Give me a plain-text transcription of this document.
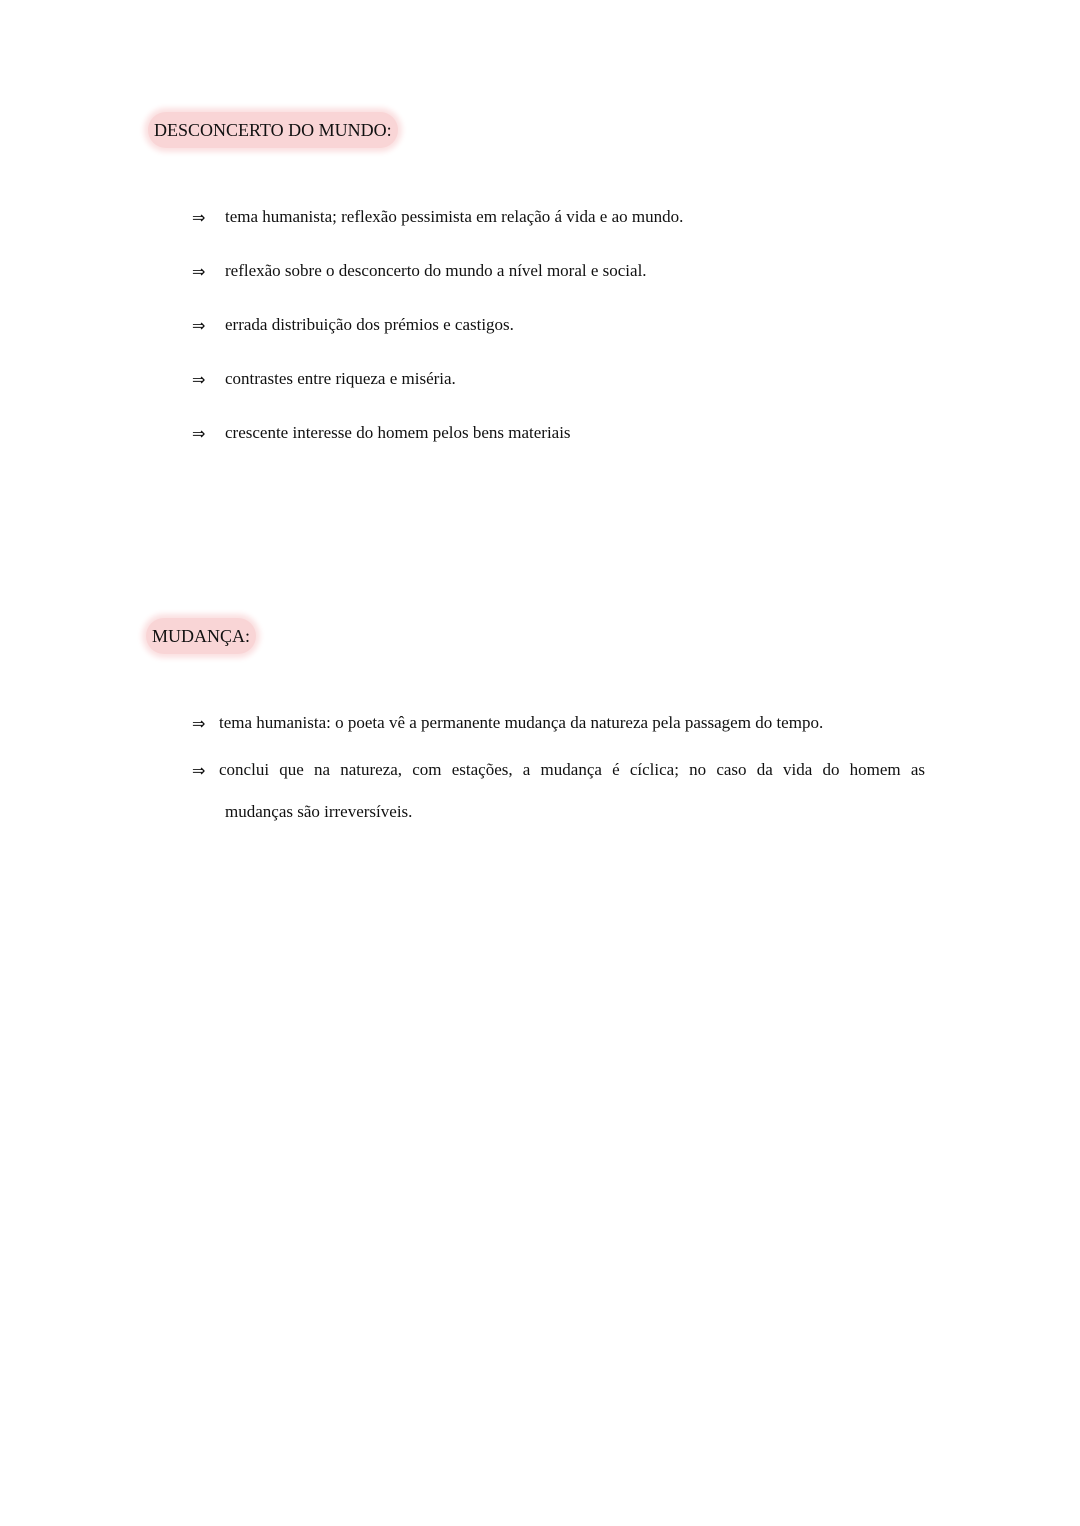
DESCONCERTO DO MUNDO:
⇒ tema humanista; reflexão pessimista em relação á vida e ao mundo.
⇒ reflexão sobre o desconcerto do mundo a nível moral e social.
⇒ errada distribuição dos prémios e castigos.
⇒ contrastes entre riqueza e miséria.
⇒ crescente interesse do homem pelos bens materiais
MUDANÇA:
⇒ tema humanista: o poeta vê a permanente mudança da natureza pela passagem do tempo.
⇒ conclui que na natureza, com estações, a mudança é cíclica; no caso da vida do homem as
mudanças são irreversíveis.
